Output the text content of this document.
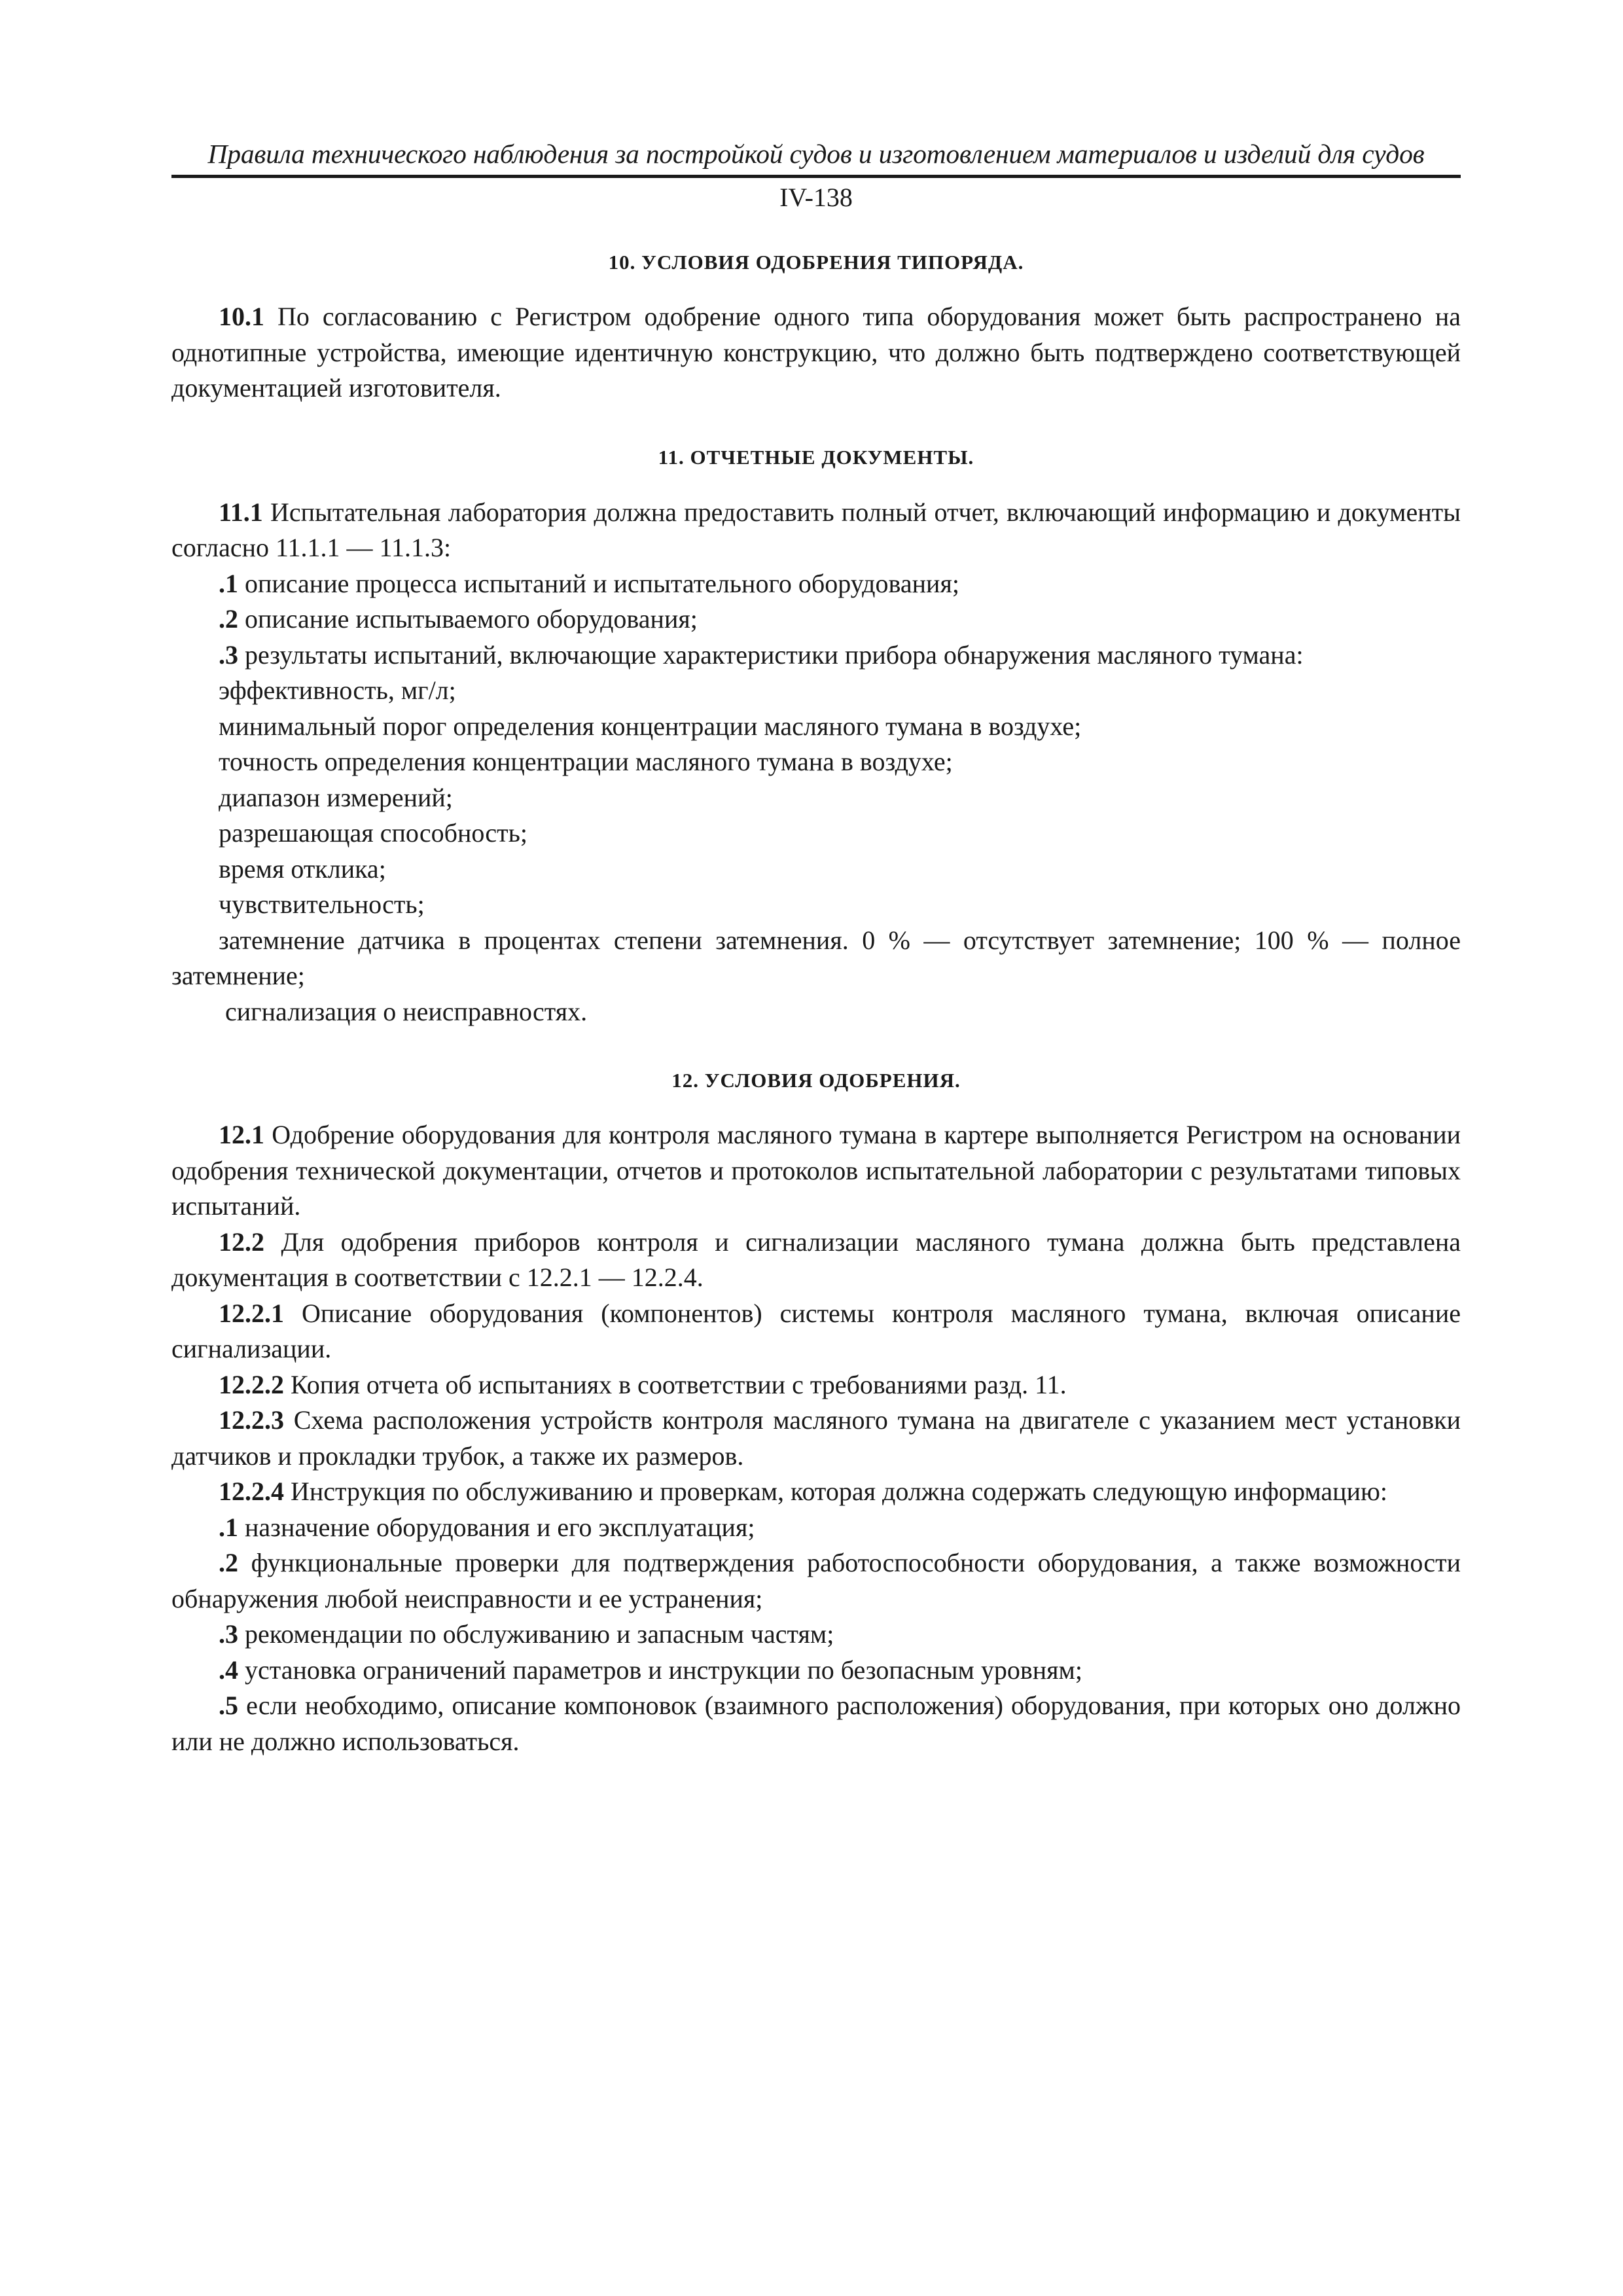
Правила технического наблюдения за постройкой судов и изготовлением материалов и изделий для судов
IV-138
10. УСЛОВИЯ ОДОБРЕНИЯ ТИПОРЯДА.

10.1 По согласованию с Регистром одобрение одного типа оборудования может быть распространено на однотипные устройства, имеющие идентичную конструкцию, что должно быть подтверждено соответствующей документацией изготовителя.

11. ОТЧЕТНЫЕ ДОКУМЕНТЫ.

11.1 Испытательная лаборатория должна предоставить полный отчет, включающий информацию и документы согласно 11.1.1 — 11.1.3:

.1 описание процесса испытаний и испытательного оборудования;

.2 описание испытываемого оборудования;

.3 результаты испытаний, включающие характеристики прибора обнаружения масляного тумана:

эффективность, мг/л;

минимальный порог определения концентрации масляного тумана в воздухе;

точность определения концентрации масляного тумана в воздухе;

диапазон измерений;

разрешающая способность;

время отклика;

чувствительность;

затемнение датчика в процентах степени затемнения. 0 % — отсутствует затемнение; 100 % — полное затемнение;

сигнализация о неисправностях.

12. УСЛОВИЯ ОДОБРЕНИЯ.

12.1 Одобрение оборудования для контроля масляного тумана в картере выполняется Регистром на основании одобрения технической документации, отчетов и протоколов испытательной лаборатории с результатами типовых испытаний.

12.2 Для одобрения приборов контроля и сигнализации масляного тумана должна быть представлена документация в соответствии с 12.2.1 — 12.2.4.

12.2.1 Описание оборудования (компонентов) системы контроля масляного тумана, включая описание сигнализации.

12.2.2 Копия отчета об испытаниях в соответствии с требованиями разд. 11.

12.2.3 Схема расположения устройств контроля масляного тумана на двигателе с указанием мест установки датчиков и прокладки трубок, а также их размеров.

12.2.4 Инструкция по обслуживанию и проверкам, которая должна содержать следующую информацию:

.1 назначение оборудования и его эксплуатация;

.2 функциональные проверки для подтверждения работоспособности оборудования, а также возможности обнаружения любой неисправности и ее устранения;

.3 рекомендации по обслуживанию и запасным частям;

.4 установка ограничений параметров и инструкции по безопасным уровням;

.5 если необходимо, описание компоновок (взаимного расположения) оборудования, при которых оно должно или не должно использоваться.
